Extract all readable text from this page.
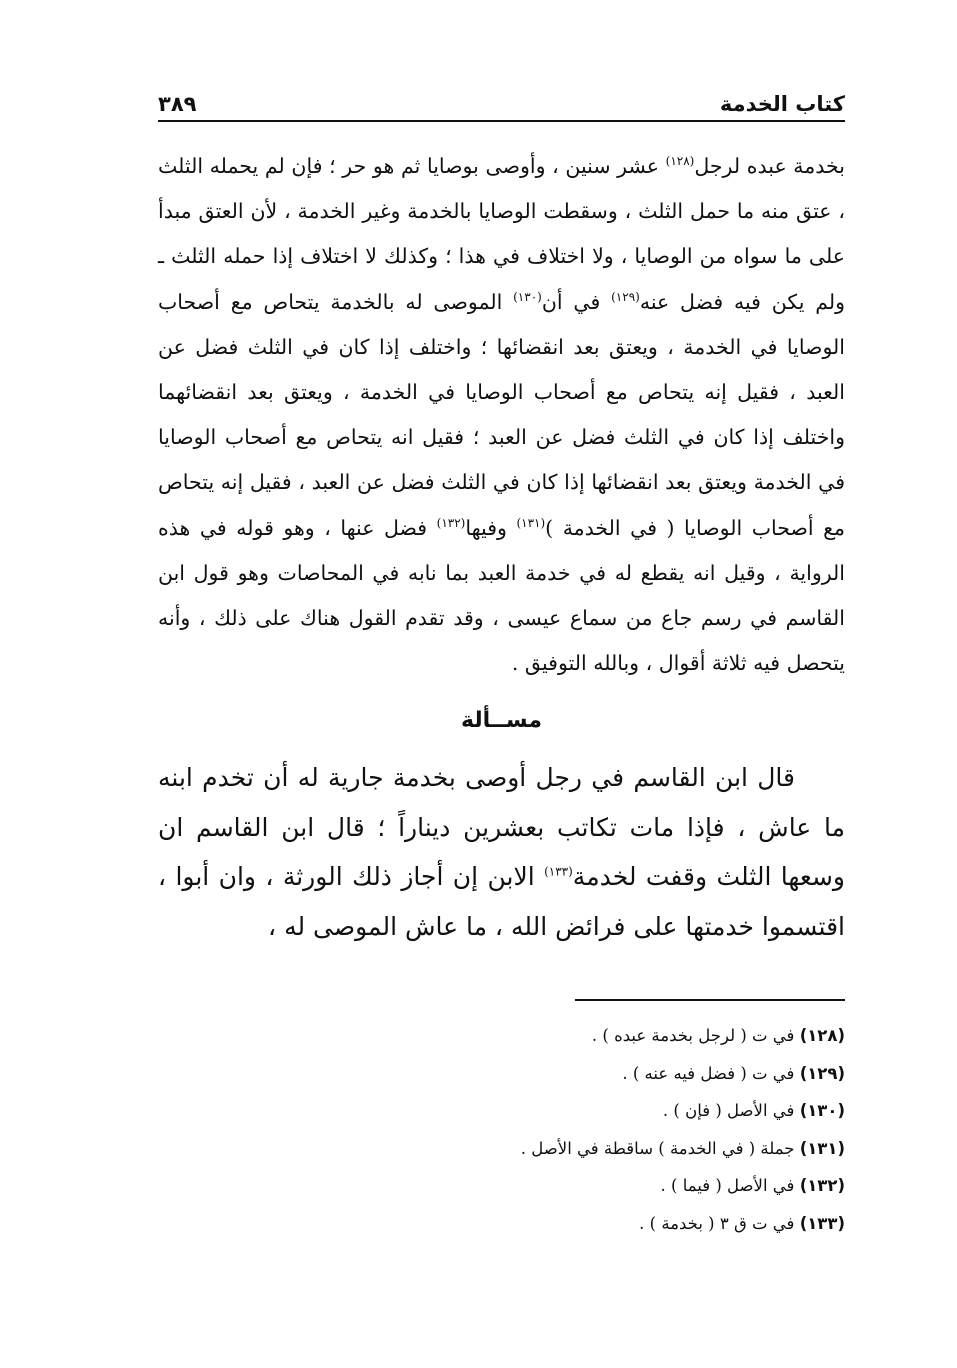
كتاب الخدمة
٣٨٩

بخدمة عبده لرجل$^{(١٢٨)}$ عشر سنين ، وأوصى بوصايا ثم هو حر ؛ فإن لم يحمله الثلث ، عتق منه ما حمل الثلث ، وسقطت الوصايا بالخدمة وغير الخدمة ، لأن العتق مبدأ على ما سواه من الوصايا ، ولا اختلاف في هذا ؛ وكذلك لا اختلاف إذا حمله الثلث ـ ولم يكن فيه فضل عنه$^{(١٢٩)}$ في أن$^{(١٣٠)}$ الموصى له بالخدمة يتحاص مع أصحاب الوصايا في الخدمة ، ويعتق بعد انقضائها ؛ واختلف إذا كان في الثلث فضل عن العبد ، فقيل إنه يتحاص مع أصحاب الوصايا في الخدمة ، ويعتق بعد انقضائهما واختلف إذا كان في الثلث فضل عن العبد ؛ فقيل انه يتحاص مع أصحاب الوصايا في الخدمة ويعتق بعد انقضائها إذا كان في الثلث فضل عن العبد ، فقيل إنه يتحاص مع أصحاب الوصايا ( في الخدمة )$^{(١٣١)}$ وفيها$^{(١٣٢)}$ فضل عنها ، وهو قوله في هذه الرواية ، وقيل انه يقطع له في خدمة العبد بما نابه في المحاصات وهو قول ابن القاسم في رسم جاع من سماع عيسى ، وقد تقدم القول هناك على ذلك ، وأنه يتحصل فيه ثلاثة أقوال ، وبالله التوفيق .

مســألة

قال ابن القاسم في رجل أوصى بخدمة جارية له أن تخدم ابنه ما عاش ، فإذا مات تكاتب بعشرين ديناراً ؛ قال ابن القاسم ان وسعها الثلث وقفت لخدمة$^{(١٣٣)}$ الابن إن أجاز ذلك الورثة ، وان أبوا ، اقتسموا خدمتها على فرائض الله ، ما عاش الموصى له ،

(١٢٨) في ت ( لرجل بخدمة عبده ) .

(١٢٩) في ت ( فضل فيه عنه ) .

(١٣٠) في الأصل ( فإن ) .

(١٣١) جملة ( في الخدمة ) ساقطة في الأصل .

(١٣٢) في الأصل ( فيما ) .

(١٣٣) في ت ق ٣ ( بخدمة ) .
